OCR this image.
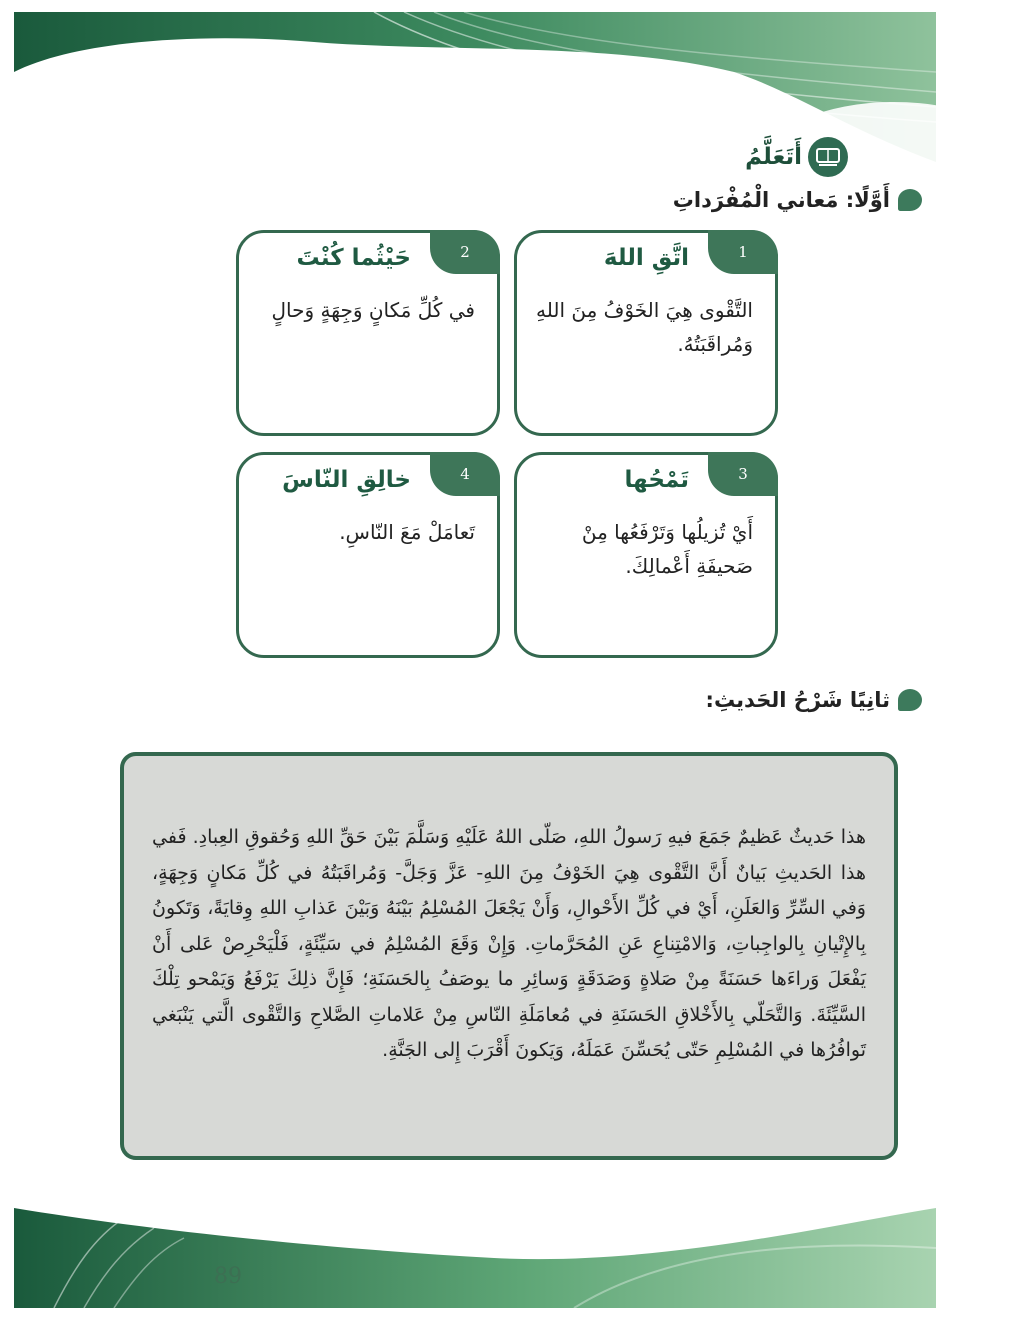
أَتَعَلَّمُ
أَوَّلًا: مَعاني الْمُفْرَداتِ
1
اتَّقِ اللهَ
التَّقْوى هِيَ الخَوْفُ مِنَ اللهِ وَمُراقَبَتُهُ.
2
حَيْثُما كُنْتَ
في كُلِّ مَكانٍ وَجِهَةٍ وَحالٍ
3
تَمْحُها
أَيْ تُزيلُها وَتَرْفَعُها مِنْ صَحيفَةِ أَعْمالِكَ.
4
خالِقِ النّاسَ
تَعامَلْ مَعَ النّاسِ.
ثانِيًا شَرْحُ الحَديثِ:
هذا حَديثٌ عَظيمٌ جَمَعَ فيهِ رَسولُ اللهِ، صَلّى اللهُ عَلَيْهِ وَسَلَّمَ بَيْنَ حَقِّ اللهِ وَحُقوقِ العِبادِ. فَفي هذا الحَديثِ بَيانٌ أَنَّ التَّقْوى هِيَ الخَوْفُ مِنَ اللهِ- عَزَّ وَجَلَّ- وَمُراقَبَتُهُ في كُلِّ مَكانٍ وَجِهَةٍ، وَفي السِّرِّ وَالعَلَنِ، أَيْ في كُلِّ الأَحْوالِ، وَأَنْ يَجْعَلَ المُسْلِمُ بَيْنَهُ وَبَيْنَ عَذابِ اللهِ وِقايَةً، وَتَكونُ بِالإِتْيانِ بِالواجِباتِ، وَالامْتِناعِ عَنِ المُحَرَّماتِ. وَإِنْ وَقَعَ المُسْلِمُ في سَيِّئَةٍ، فَلْيَحْرِصْ عَلى أَنْ يَفْعَلَ وَراءَها حَسَنَةً مِنْ صَلاةٍ وَصَدَقَةٍ وَسائِرِ ما يوصَفُ بِالحَسَنَةِ؛ فَإِنَّ ذلِكَ يَرْفَعُ وَيَمْحو تِلْكَ السَّيِّئَةَ. وَالتَّحَلّي بِالأَخْلاقِ الحَسَنَةِ في مُعامَلَةِ النّاسِ مِنْ عَلاماتِ الصَّلاحِ وَالتَّقْوى الَّتي يَنْبَغي تَوافُرُها في المُسْلِمِ حَتّى يُحَسِّنَ عَمَلَهُ، وَيَكونَ أَقْرَبَ إِلى الجَنَّةِ.
89
